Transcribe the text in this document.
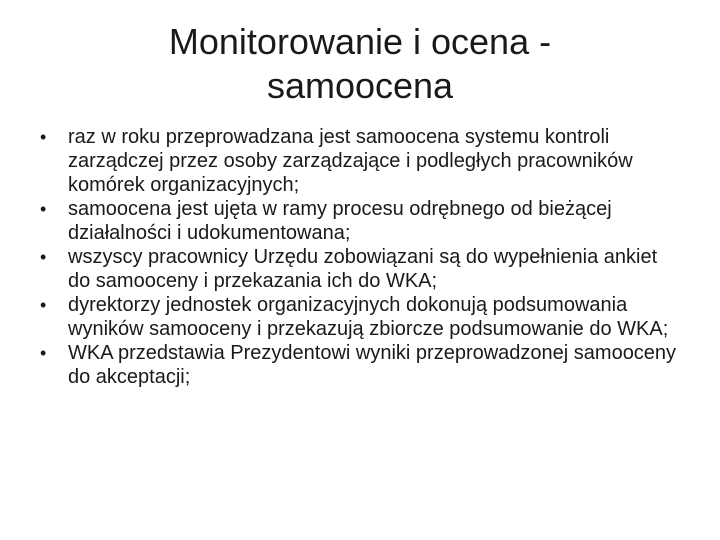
Monitorowanie i ocena -
samoocena
•	raz w roku przeprowadzana jest samoocena systemu kontroli zarządczej przez osoby zarządzające i podległych pracowników komórek organizacyjnych;
•	samoocena jest ujęta w ramy procesu odrębnego od bieżącej działalności i udokumentowana;
•	wszyscy pracownicy Urzędu zobowiązani są do wypełnienia ankiet do samooceny i przekazania ich do WKA;
•	dyrektorzy jednostek organizacyjnych dokonują podsumowania wyników samooceny i przekazują zbiorcze podsumowanie do WKA;
•	WKA przedstawia Prezydentowi wyniki przeprowadzonej samooceny do akceptacji;
